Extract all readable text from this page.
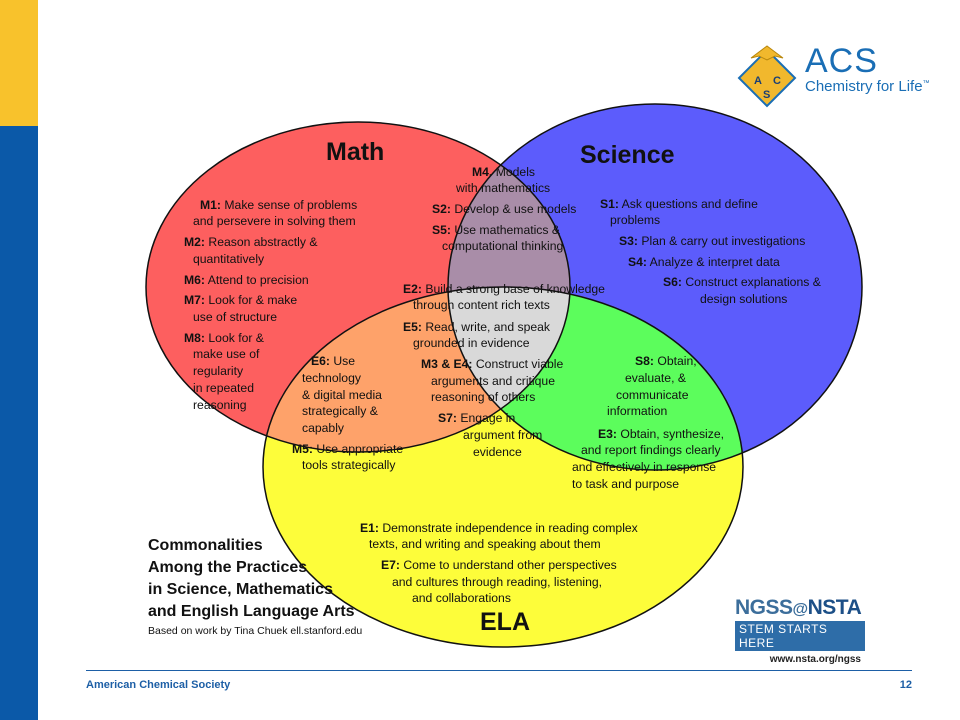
A C
S
ACS
Chemistry for Life™
Math	Science
ELA
M1: Make sense of problems
and persevere in solving them
M2: Reason abstractly &
quantitatively
M6: Attend to precision
M7: Look for & make
use of structure
M8: Look for &
make use of
regularity
in repeated
reasoning
M4. Models
with mathematics
S2: Develop & use models
S5: Use mathematics &
computational thinking
S1: Ask questions and define
problems
S3: Plan & carry out investigations
S4: Analyze & interpret data
S6: Construct explanations &
design solutions
E2: Build a strong base of knowledge
through content rich texts
E5: Read, write, and speak
grounded in evidence
M3 & E4: Construct viable
arguments and critique
reasoning of others
S7: Engage in
argument from
evidence
E6: Use
technology
& digital media
strategically &
capably
M5: Use appropriate
tools strategically
S8: Obtain,
evaluate, &
communicate
information
E3: Obtain, synthesize,
and report findings clearly
and effectively in response
to task and purpose
E1: Demonstrate independence in reading complex
texts, and writing and speaking about them
E7: Come to understand other perspectives
and cultures through reading, listening,
and collaborations
Commonalities
Among the Practices
in Science, Mathematics
and English Language Arts
Based on work by Tina Chuek ell.stanford.edu
NGSS@NSTA
STEM STARTS HERE
www.nsta.org/ngss
American Chemical Society	12
